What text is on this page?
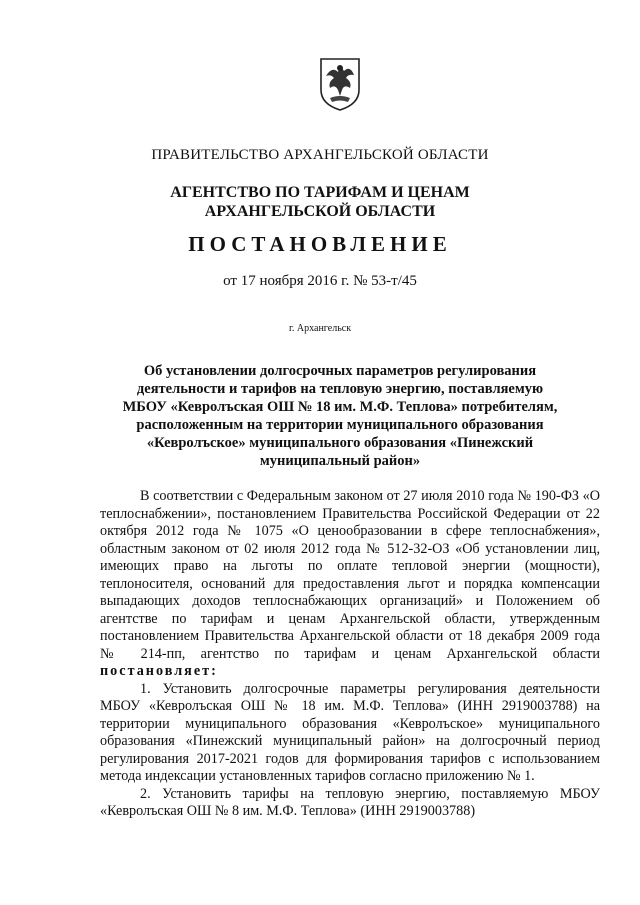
ПРАВИТЕЛЬСТВО АРХАНГЕЛЬСКОЙ ОБЛАСТИ
АГЕНТСТВО ПО ТАРИФАМ И ЦЕНАМ
АРХАНГЕЛЬСКОЙ ОБЛАСТИ
ПОСТАНОВЛЕНИЕ
от 17 ноября 2016 г. № 53-т/45
г. Архангельск
Об установлении долгосрочных параметров регулирования деятельности и тарифов на тепловую энергию, поставляемую МБОУ «Кевролъская ОШ № 18 им. М.Ф. Теплова» потребителям, расположенным на территории муниципального образования «Кевролъское» муниципального образования «Пинежский муниципальный район»

В соответствии с Федеральным законом от 27 июля 2010 года № 190-ФЗ «О теплоснабжении», постановлением Правительства Российской Федерации от 22 октября 2012 года № 1075 «О ценообразовании в сфере теплоснабжения», областным законом от 02 июля 2012 года № 512-32-ОЗ «Об установлении лиц, имеющих право на льготы по оплате тепловой энергии (мощности), теплоносителя, оснований для предоставления льгот и порядка компенсации выпадающих доходов теплоснабжающих организаций» и Положением об агентстве по тарифам и ценам Архангельской области, утвержденным постановлением Правительства Архангельской области от 18 декабря 2009 года № 214-пп, агентство по тарифам и ценам Архангельской области постановляет:

1. Установить долгосрочные параметры регулирования деятельности МБОУ «Кевролъская ОШ № 18 им. М.Ф. Теплова» (ИНН 2919003788) на территории муниципального образования «Кевролъское» муниципального образования «Пинежский муниципальный район» на долгосрочный период регулирования 2017-2021 годов для формирования тарифов с использованием метода индексации установленных тарифов согласно приложению № 1.

2. Установить тарифы на тепловую энергию, поставляемую МБОУ «Кевролъская ОШ № 8 им. М.Ф. Теплова» (ИНН 2919003788)
